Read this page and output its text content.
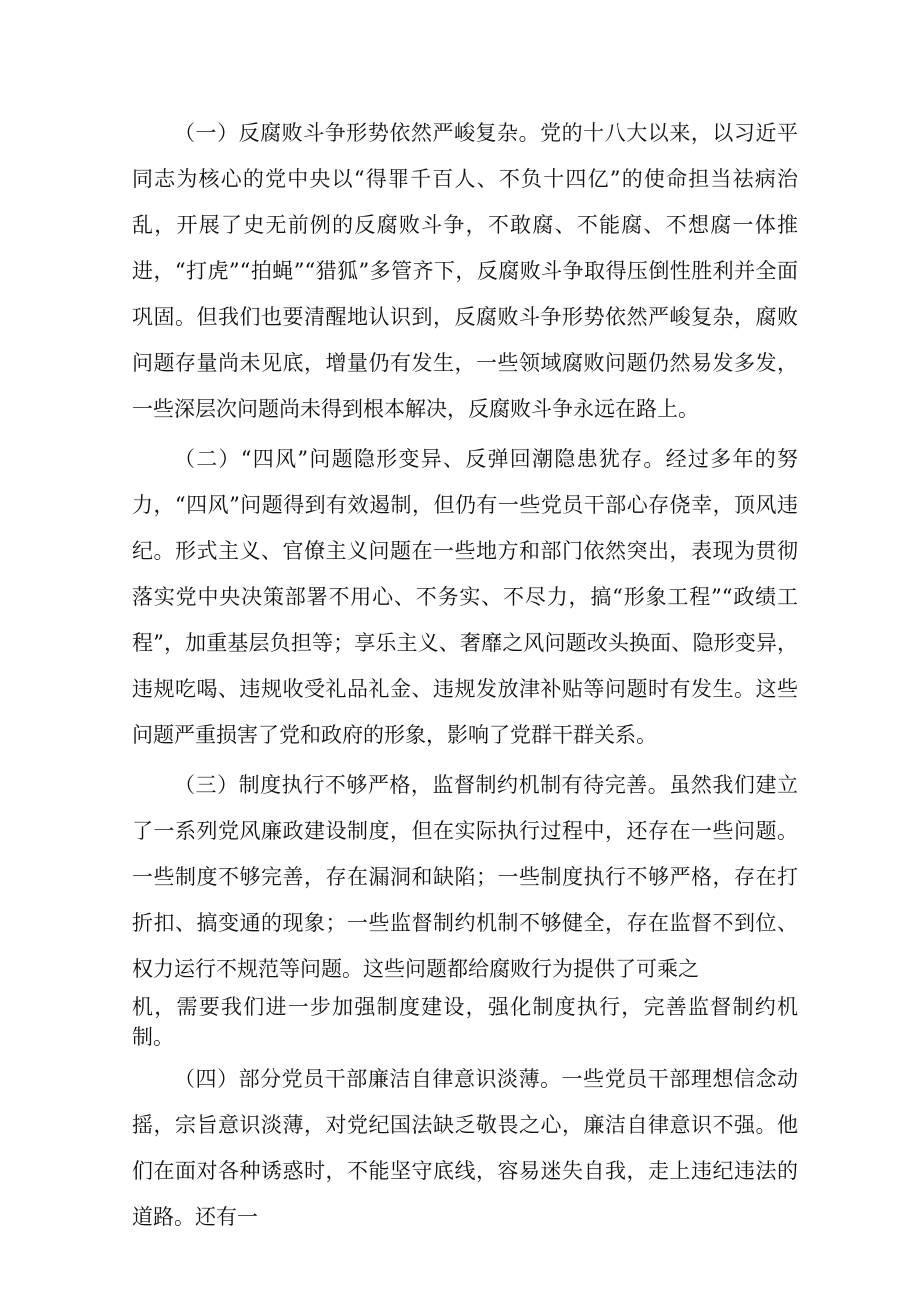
（一）反腐败斗争形势依然严峻复杂。党的十八大以来，以习近平同志为核心的党中央以“得罪千百人、不负十四亿”的使命担当祛病治乱，开展了史无前例的反腐败斗争，不敢腐、不能腐、不想腐一体推进，“打虎”“拍蝇”“猎狐”多管齐下，反腐败斗争取得压倒性胜利并全面巩固。但我们也要清醒地认识到，反腐败斗争形势依然严峻复杂，腐败问题存量尚未见底，增量仍有发生，一些领域腐败问题仍然易发多发，一些深层次问题尚未得到根本解决，反腐败斗争永远在路上。

（二）“四风”问题隐形变异、反弹回潮隐患犹存。经过多年的努力，“四风”问题得到有效遏制，但仍有一些党员干部心存侥幸，顶风违纪。形式主义、官僚主义问题在一些地方和部门依然突出，表现为贯彻落实党中央决策部署不用心、不务实、不尽力，搞“形象工程”“政绩工程”，加重基层负担等；享乐主义、奢靡之风问题改头换面、隐形变异，违规吃喝、违规收受礼品礼金、违规发放津补贴等问题时有发生。这些问题严重损害了党和政府的形象，影响了党群干群关系。

（三）制度执行不够严格，监督制约机制有待完善。虽然我们建立了一系列党风廉政建设制度，但在实际执行过程中，还存在一些问题。一些制度不够完善，存在漏洞和缺陷；一些制度执行不够严格，存在打折扣、搞变通的现象；一些监督制约机制不够健全，存在监督不到位、权力运行不规范等问题。这些问题都给腐败行为提供了可乘之

机，需要我们进一步加强制度建设，强化制度执行，完善监督制约机制。

（四）部分党员干部廉洁自律意识淡薄。一些党员干部理想信念动摇，宗旨意识淡薄，对党纪国法缺乏敬畏之心，廉洁自律意识不强。他们在面对各种诱惑时，不能坚守底线，容易迷失自我，走上违纪违法的道路。还有一
